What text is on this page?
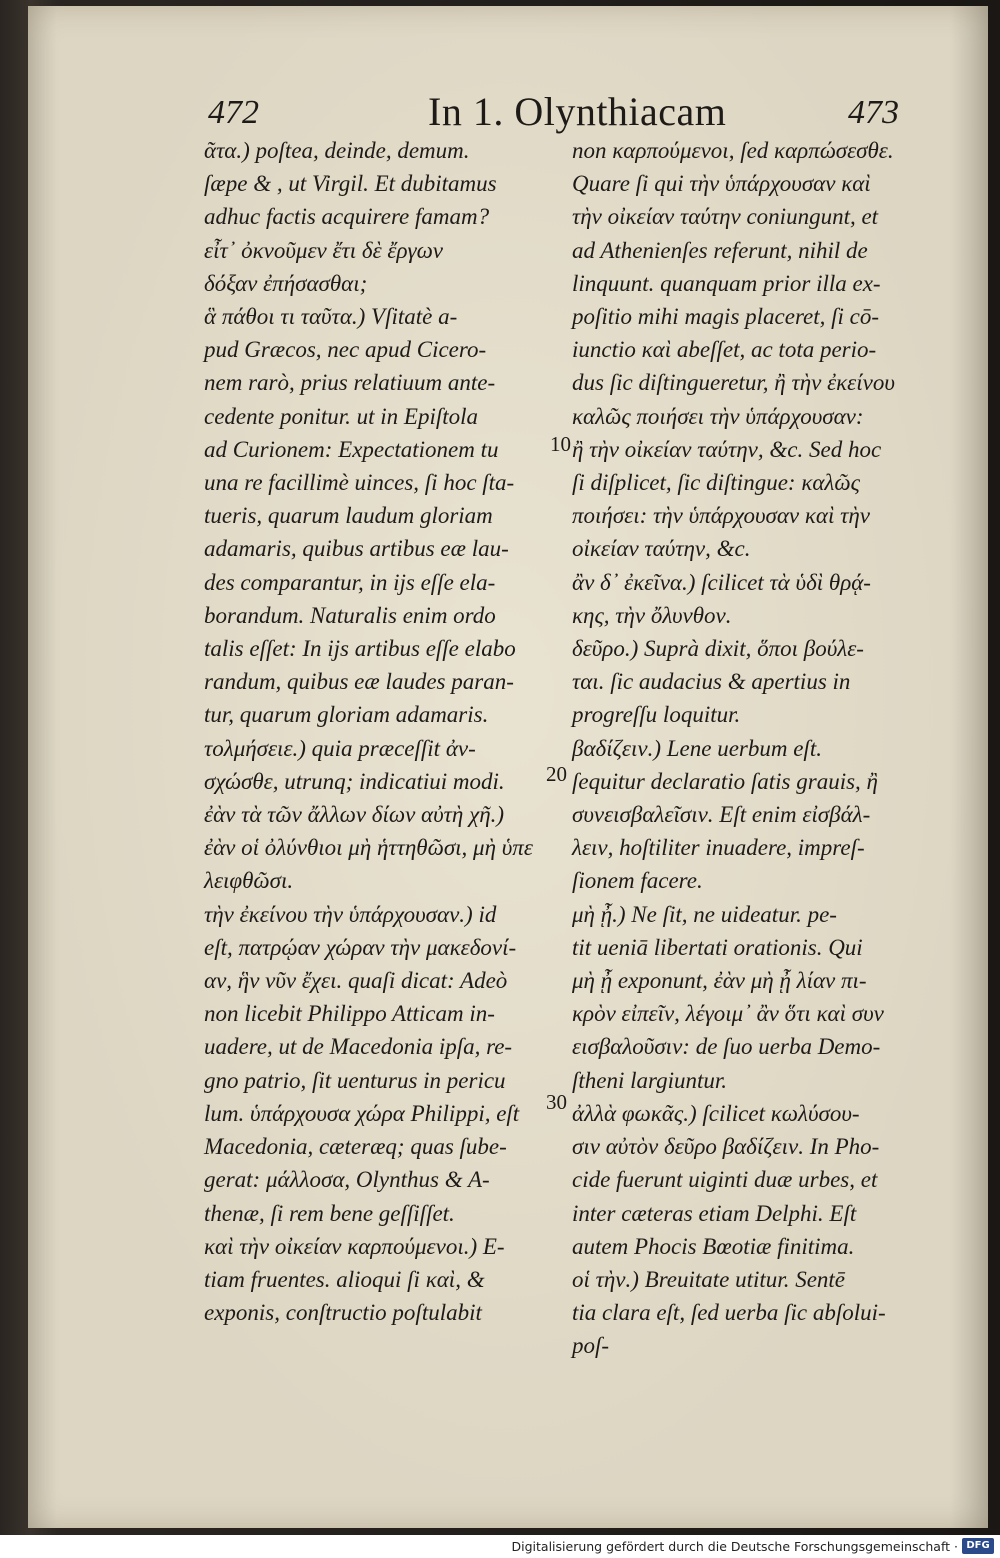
472	In 1. Olynthiacam	473

ᾶτα.) poſtea, deinde, demum.

ſæpe & , ut Virgil. Et dubitamus

adhuc factis acquirere famam?

εἶτ᾽ ὀκνοῦμεν ἔτι δὲ ἔργων

δόξαν ἐπήσασθαι;

ἃ πάθοι τι ταῦτα.) Vſitatè a-

pud Græcos, nec apud Cicero-

nem rarò, prius relatiuum ante-

cedente ponitur. ut in Epiſtola

ad Curionem: Expectationem tu

una re facillimè uinces, ſi hoc ſta-

tueris, quarum laudum gloriam

adamaris, quibus artibus eæ lau-

des comparantur, in ijs eſſe ela-

borandum. Naturalis enim ordo

talis eſſet: In ijs artibus eſſe elabo

randum, quibus eæ laudes paran-

tur, quarum gloriam adamaris.

τολμήσειε.) quia præceſſit ἀν-

σχώσθε, utrunq; indicatiui modi.

ἐὰν τὰ τῶν ἄλλων δίων αὐτὴ χῆ.)

ἐὰν οἱ ὀλύνθιοι μὴ ἡττηθῶσι, μὴ ὑπε

λειφθῶσι.

τὴν ἐκείνου τὴν ὑπάρχουσαν.) id

eſt, πατρῴαν χώραν τὴν μακεδονί-

αν, ἣν νῦν ἔχει. quaſi dicat: Adeò

non licebit Philippo Atticam in-

uadere, ut de Macedonia ipſa, re-

gno patrio, ſit uenturus in pericu

lum. ὑπάρχουσα χώρα Philippi, eſt

Macedonia, cæteræq; quas ſube-

gerat: μάλλοσα, Olynthus & A-

thenæ, ſi rem bene geſſiſſet.

καὶ τὴν οἰκείαν καρπούμενοι.) E-

tiam fruentes. alioqui ſi καὶ, &

exponis, conſtructio poſtulabit

10
20
30

non καρπούμενοι, ſed καρπώσεσθε.

Quare ſi qui τὴν ὑπάρχουσαν καὶ

τὴν οἰκείαν ταύτην coniungunt, et

ad Athenienſes referunt, nihil de

linquunt. quanquam prior illa ex-

poſitio mihi magis placeret, ſi cō-

iunctio καὶ abeſſet, ac tota perio-

dus ſic diſtingueretur, ἢ τὴν ἐκείνου

καλῶς ποιήσει τὴν ὑπάρχουσαν:

ἢ τὴν οἰκείαν ταύτην, &c. Sed hoc

ſi diſplicet, ſic diſtingue: καλῶς

ποιήσει: τὴν ὑπάρχουσαν καὶ τὴν

οἰκείαν ταύτην, &c.

ἂν δ᾽ ἐκεῖνα.) ſcilicet τὰ ὑδὶ θρᾴ-

κης, τὴν ὄλυνθον.

δεῦρο.) Suprà dixit, ὅποι βούλε-

ται. ſic audacius & apertius in

progreſſu loquitur.

βαδίζειν.) Lene uerbum eſt.

ſequitur declaratio ſatis grauis, ἢ

συνεισβαλεῖσιν. Eſt enim εἰσβάλ-

λειν, hoſtiliter inuadere, impreſ-

ſionem facere.

μὴ ᾖ.) Ne ſit, ne uideatur. pe-

tit ueniā libertati orationis. Qui

μὴ ᾖ exponunt, ἐὰν μὴ ᾖ λίαν πι-

κρὸν εἰπεῖν, λέγοιμ᾽ ἂν ὅτι καὶ συν

εισβαλοῦσιν: de ſuo uerba Demo-

ſtheni largiuntur.

ἀλλὰ φωκᾶς.) ſcilicet κωλύσου-

σιν αὐτὸν δεῦρο βαδίζειν. In Pho-

cide fuerunt uiginti duæ urbes, et

inter cæteras etiam Delphi. Eſt

autem Phocis Bœotiæ finitima.

οἱ τὴν.) Breuitate utitur. Sentē

tia clara eſt, ſed uerba ſic abſolui-

poſ-

Digitalisierung gefördert durch die Deutsche Forschungsgemeinschaft · DFG
